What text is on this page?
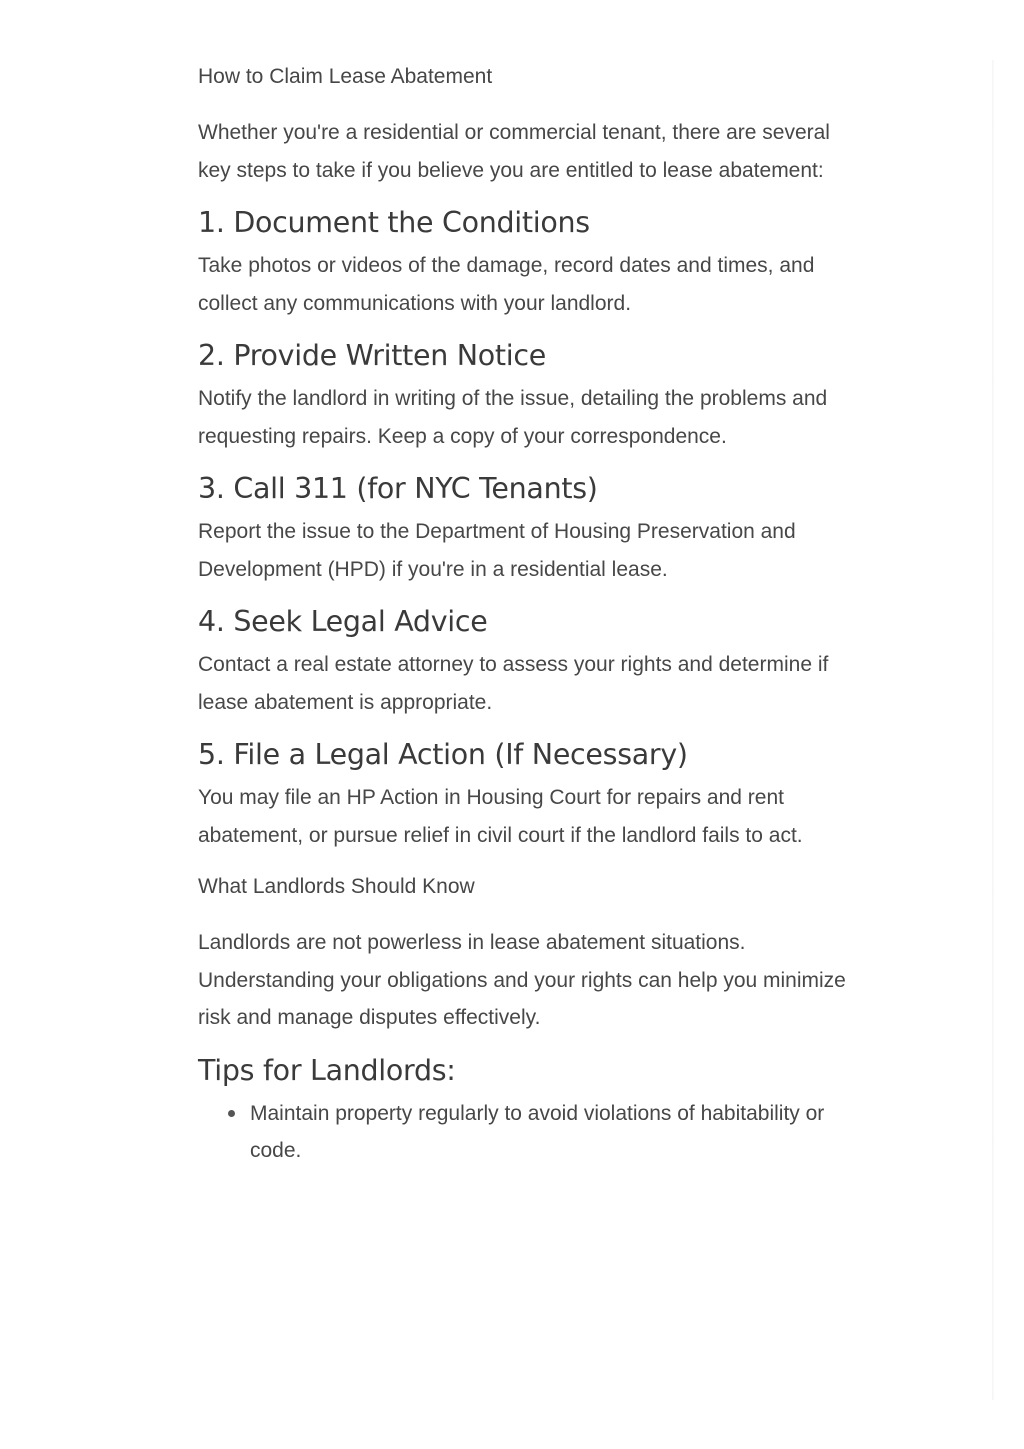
How to Claim Lease Abatement

Whether you're a residential or commercial tenant, there are several key steps to take if you believe you are entitled to lease abatement:

1. Document the Conditions

Take photos or videos of the damage, record dates and times, and collect any communications with your landlord.

2. Provide Written Notice

Notify the landlord in writing of the issue, detailing the problems and requesting repairs. Keep a copy of your correspondence.

3. Call 311 (for NYC Tenants)

Report the issue to the Department of Housing Preservation and Development (HPD) if you're in a residential lease.

4. Seek Legal Advice

Contact a real estate attorney to assess your rights and determine if lease abatement is appropriate.

5. File a Legal Action (If Necessary)

You may file an HP Action in Housing Court for repairs and rent abatement, or pursue relief in civil court if the landlord fails to act.

What Landlords Should Know

Landlords are not powerless in lease abatement situations. Understanding your obligations and your rights can help you minimize risk and manage disputes effectively.

Tips for Landlords:
Maintain property regularly to avoid violations of habitability or code.
